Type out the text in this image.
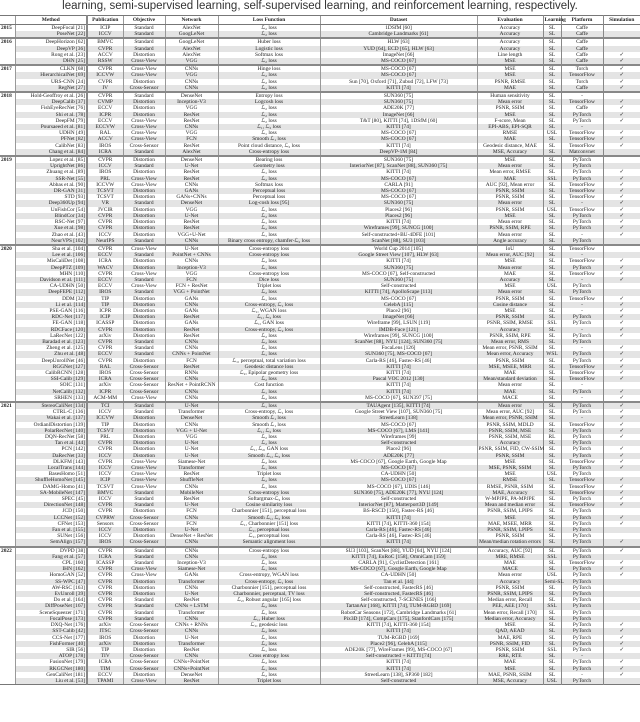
learning, semi-supervised learning, self-supervised learning, and reinforcement learning, respectively.
	Method	Publication	Objective	Network	Loss Function	Dataset	Evaluation	Learning	Platform	Simulation
2015	DeepFocal [21]	ICIP	Standard	AlexNet	ℒ₂ loss	1DSfM [60]	Accuracy	SL	Caffe	
	PoseNet [22]	ICCV	Standard	GoogLeNet	ℒ₂ loss	Cambridge Landmarks [61]	Accuracy	SL	Caffe	
2016	DeepHorizon [62]	BMVC	Standard	GoogLeNet	Huber loss	HLW [63]	Accuracy	SL	Caffe	
	DeepVP [36]	CVPR	Standard	AlexNet	Logistic loss	YUD [64], ECD [65], HLW [63]	Accuracy	SL	Caffe	
	Rong et al. [23]	ACCV	Distortion	AlexNet	Softmax loss	ImageNet [66]	Line length	SL	Caffe	✓
	DHN [25]	RSSW	Cross-View	VGG	ℒ₂ loss	MS-COCO [67]	MSE	SL	Caffe	✓
2017	CLKN [68]	CVPR	Cross-View	CNNs	Hinge loss	MS-COCO [67]	MSE	SL	Torch	✓
	HierarchicalNet [69]	ICCVW	Cross-View	VGG	ℒ₂ loss	MS-COCO [67]	MSE	SL	TensorFlow	✓
	URS-CNN [24]	CVPR	Distortion	CNNs	ℒ₂ loss	Sun [70], Oxford [71], Zubud [72], LFW [73]	PSNR, RMSE	SL	Torch	✓
	RegNet [27]	IV	Cross-Sensor	CNNs	ℒ₂ loss	KITTI [74]	MAE	SL	Caffe	✓
2018	Hold-Geoffroy et al. [26]	CVPR	Standard	DenseNet	Entropy loss	SUN360 [75]	Human sensitivity	SL	-	
	DeepCalib [37]	CVMP	Distortion	Inception-V3	Logcosh loss	SUN360 [75]	Mean error	SL	TensorFlow	✓
	FishEyeRecNet [76]	ECCV	Distortion	VGG	ℒ₂ loss	ADE20K [77]	PSNR, SSIM	SL	Caffe	✓
	Shi et al. [78]	ICPR	Distortion	ResNet	ℒ₂ loss	ImageNet [66]	MSE	SL	PyTorch	✓
	DeepFM [79]	ECCV	Cross-View	ResNet	ℒ₂ loss	T&T [80], KITTI [74], 1DSfM [60]	F-score, Mean	SL	PyTorch	✓
	Poursaeed et al. [81]	ECCVW	Cross-View	CNNs	ℒ₁, ℒ₂ loss	KITTI [74]	EPI-ABS, EPI-SQR	SL	-	
	UDHN [49]	RAL	Cross-View	VGG	ℒ₁ loss	MS-COCO [67]	RMSE	USL	TensorFlow	✓
	PFNet [82]	ACCV	Cross-View	FCN	Smooth ℒ₁ loss	MS-COCO [67]	MAE	SL	TensorFlow	✓
	CalibNet [83]	IROS	Cross-Sensor	ResNet	Point cloud distance, ℒ₂ loss	KITTI [74]	Geodesic distance, MAE	SL	TensorFlow	✓
	Chang et al. [84]	ICRA	Standard	AlexNet	Cross-entropy loss	DeepVP-1M [84]	MSE, Accuracy	SL	Matconvnet	
2019	Lopez et al. [85]	CVPR	Distortion	DenseNet	Bearing loss	SUN360 [75]	MSE	SL	PyTorch	
	UprightNet [86]	ICCV	Standard	U-Net	Geometry loss	InteriorNet [87], ScanNet [88], SUN360 [75]	Mean error	SL	PyTorch	
	Zhuang et al. [89]	IROS	Distortion	ResNet	ℒ₁ loss	KITTI [74]	Mean error, RMSE	SL	PyTorch	✓
	SSR-Net [55]	PRL	Cross-View	ResNet	ℒ₂ loss	MS-COCO [67]	MAE	SSL	PyTorch	✓
	Abbas et al. [90]	ICCVW	Cross-View	CNNs	Softmax loss	CARLA [91]	AUC [92], Mean error	SL	TensorFlow	✓
	DR-GAN [31]	TCSVT	Distortion	GANs	Perceptual loss	MS-COCO [67]	PSNR, SSIM	SL	TensorFlow	✓
	STD [93]	TCSVT	Distortion	GANs+CNNs	Perceptual loss	MS-COCO [67]	PSNR, SSIM	SL	TensorFlow	✓
	Deep360Up [94]	VR	Standard	DenseNet	Log-cosh loss [95]	SUN360 [75]	Mean error	SL	-	✓
	UnFishCor [54]	JVCIR	Distortion	VGG	ℒ₁ loss	Places2 [96]	PSNR, SSIM	USL	TensorFlow	✓
	BlindCor [34]	CVPR	Distortion	U-Net	ℒ₂ loss	Places2 [96]	MSE	SL	PyTorch	✓
	RSC-Net [97]	CVPR	Distortion	ResNet	ℒ₁ loss	KITTI [74]	Mean error	SL	PyTorch	✓
	Xue et al. [98]	CVPR	Distortion	ResNet	ℒ₂ loss	Wireframes [99], SUNCG [100]	PSNR, SSIM, RPE	SL	PyTorch	✓
	Zhao et al. [43]	ICCV	Distortion	VGG+U-Net	ℒ₁ loss	Self-constructed+BU-4DFE [101]	Mean error	SL	-	✓
	NeurVPS [102]	NeurIPS	Standard	CNNs	Binary cross entropy, chamfer-ℒ₂ loss	ScanNet [88], SU3 [103]	Angle accuracy	SL	PyTorch	
2020	Sha et al. [104]	CVPR	Cross-View	U-Net	Cross-entropy loss	World Cup 2014 [105]	IoU	SL	TensorFlow	
	Lee et al. [106]	ECCV	Standard	PointNet + CNNs	Cross-entropy loss	Google Street View [107], HLW [63]	Mean error, AUC [92]	SL	-	
	MisCaliDet [108]	ICRA	Distortion	CNNs	ℒ₂ loss	KITTI [74]	MSE	SL	TensorFlow	✓
	DeepPTZ [109]	WACV	Distortion	Inception-V3	ℒ₁ loss	SUN360 [75]	Mean error	SL	PyTorch	✓
	MHN [110]	CVPR	Cross-View	VGG	Cross-entropy loss	MS-COCO [67], Self-constructed	MAE	SL	TensorFlow	✓
	Davidson et al. [111]	ECCV	Standard	FCN	Dice loss	SUN360 [75]	Accuracy	SL	-	✓
	CA-UDHN [50]	ECCV	Cross-View	FCN + ResNet	Triplet loss	Self-constructed	MSE	USL	PyTorch	
	DeepFEPE [112]	IROS	Standard	VGG + PointNet	ℒ₂ loss	KITTI [74], ApolloScape [113]	Mean error	SL	PyTorch	
	DDM [32]	TIP	Distortion	GANs	ℒ₁ loss	MS-COCO [67]	PSNR, SSIM	SL	TensorFlow	✓
	Li et al. [114]	TIP	Distortion	CNNs	Cross-entropy, ℒ₁ loss	CelebA [115]	Cosine distance	SL	-	✓
	PSE-GAN [116]	ICPR	Distortion	GANs	ℒ₁, WGAN loss	Place2 [96]	MSE	SL	-	✓
	RDC-Net [117]	ICIP	Distortion	ResNet	ℒ₁, ℒ₂ loss	ImageNet [66]	PSNR, SSIM	SL	PyTorch	✓
	FE-GAN [118]	ICASSP	Distortion	GANs	ℒ₁, GAN loss	Wireframe [99], LSUN [119]	PSNR, SSIM, RMSE	SSL	PyTorch	✓
	RDCFace [120]	CVPR	Distortion	ResNet	Cross-entropy, ℒ₂ loss	IMDB-Face [121]	Accuracy	SL	-	✓
	LaRecNet [122]	arXiv	Distortion	ResNet	ℒ₂ loss	Wireframes [99], SUNCG [100]	PSNR, SSIM, RPE	SL	PyTorch	✓
	Baradad et al. [123]	CVPR	Standard	CNNs	ℒ₂ loss	ScanNet [88], NYU [124], SUN360 [75]	Mean error, RMS	SL	PyTorch	
	Zheng et al. [125]	CVPR	Standard	CNNs	ℒ₁ loss	FocaLens [126]	Mean error, PSNR, SSIM	SL	-	✓
	Zhu et al. [48]	ECCV	Standard	CNNs + PointNet	ℒ₁ loss	SUN360 [75], MS-COCO [67]	Mean error, Accuracy	WSL	PyTorch	✓
	DeepUnrollNet [46]	CVPR	Distortion	FCN	ℒ₁, perceptual, total variation loss	Carla-RS [46], Fastec-RS [46]	PSNR, SSIM	SL	PyTorch	✓
	RGGNet [127]	RAL	Cross-Sensor	ResNet	Geodesic distance loss	KITTI [74]	MSE, MSEE, MRR	SL	TensorFlow	✓
	CalibRCNN [128]	IROS	Cross-Sensor	RNNs	ℒ₂, Epipolar geometry loss	KITTI [74]	MAE	SL	TensorFlow	✓
	SSI-Calib [129]	ICRA	Cross-Sensor	CNNs	ℒ₂ loss	Pascal VOC 2012 [130]	Mean/standard deviation	SL	TensorFlow	✓
	SOIC [131]	arXiv	Cross-Sensor	ResNet + PointRCNN	Cost function	KITTI [74]	Mean error	SL	-	
	NetCalib [132]	ICPR	Cross-Sensor	CNNs	ℒ₁ loss	KITTI [74]	MAE	SL	PyTorch	✓
	SRHEN [133]	ACM-MM	Cross-View	CNNs	ℒ₂ loss	MS-COCO [67], SUN397 [75]	MACE	SL	-	✓
2021	StereoCaliNet [134]	TCI	Standard	U-Net	ℒ₁ loss	TAUAgent [135], KITTI [74]	Mean error	SL	PyTorch	✓
	CTRL-C [136]	ICCV	Standard	Transformer	Cross-entropy, ℒ₁ loss	Google Street View [107], SUN360 [75]	Mean error, AUC [92]	SL	PyTorch	✓
	Wakai et al. [137]	ICCVW	Distortion	DenseNet	Smooth ℒ₁ loss	StreetLearn [138]	Mean error, PSNR, SSIM	SL	-	✓
	OrdianlDistortion [139]	TIP	Distortion	CNNs	Smooth ℒ₁ loss	MS-COCO [67]	PSNR, SSIM, MDLD	SL	TensorFlow	✓
	PolarRecNet [140]	TCSVT	Distortion	VGG + U-Net	ℒ₁, ℒ₂ loss	MS-COCO [67], LMS [141]	PSNR, SSIM, MSE	SL	PyTorch	✓
	DQN-RecNet [58]	PRL	Distortion	VGG	ℒ₂ loss	Wireframes [99]	PSNR, SSIM, MSE	RL	PyTorch	✓
	Tan et al. [44]	CVPR	Distortion	U-Net	ℒ₂ loss	Self-constructed	Accuracy	SL	PyTorch	
	PCN [142]	CVPR	Distortion	U-Net	ℒ₁, ℒ₂, GAN loss	Place2 [96]	PSNR, SSIM, FID, CW-SSIM	SL	PyTorch	✓
	DaRecNet [33]	ICCV	Distortion	U-Net	Smooth ℒ₁, ℒ₂ loss	ADE20K [77]	PSNR, SSIM	SL	PyTorch	✓
	DLKFM [143]	CVPR	Cross-View	Siamese-Net	ℒ₂ loss	MS-COCO [67], Google Earth, Google Map	MSE	SL	TensorFlow	✓
	LocalTrans [144]	ICCV	Cross-View	Transformer	ℒ₁ loss	MS-COCO [67]	MSE, PSNR, SSIM	SL	PyTorch	✓
	BasesHomo [51]	ICCV	Cross-View	ResNet	Triplet loss	CA-UDHN [50]	MSE	USL	PyTorch	
	ShuffleHomoNet [145]	ICIP	Cross-View	ShuffleNet	ℒ₂ loss	MS-COCO [67]	RMSE	SL	TensorFlow	✓
	DAMG-Homo [41]	TCSVT	Cross-View	CNNs	ℒ₁ loss	MS-COCO [67], UDIS [146]	RMSE, PSNR, SSIM	SL	TensorFlow	✓
	SA-MobileNet [147]	BMVC	Standard	MobileNet	Cross-entropy loss	SUN360 [75], ADE20K [77], NYU [124]	MAE, Accuracy	SL	TensorFlow	✓
	SPEC [45]	ICCV	Standard	ResNet	Softargmax-ℒ₂ loss	Self-constructed	W-MPJPE, PA-MPJPE	SL	PyTorch	✓
	DirectionNet [148]	CVPR	Standard	U-Net	Cosine similarity loss	InteriorNet [87], Matterport3D [149]	Mean and median error	SL	TensorFlow	✓
	JCD [150]	CVPR	Distortion	FCN	Charbonnier [151], perceptual loss	BS-RSCD [150], Fastec-RS [46]	PSNR, SSIM, LPIPS	SL	PyTorch	
	LCCNet [152]	CVPRW	Cross-Sensor	CNNs	Smooth ℒ₁, ℒ₂ loss	KITTI [74]	MSE	SL	PyTorch	✓
	CFNet [153]	Sensors	Cross-Sensor	FCN	ℒ₁, Charbonnier [151] loss	KITTI [74], KITTI-360 [154]	MAE, MSEE, MRR	SL	PyTorch	✓
	Fan et al. [155]	ICCV	Distortion	U-Net	ℒ₁, perceptual loss	Carla-RS [46], Fastec-RS [46]	PSNR, SSIM, LPIPS	SL	PyTorch	
	SUNet [156]	ICCV	Distortion	DenseNet + ResNet	ℒ₁, perceptual loss	Carla-RS [46], Fastec-RS [46]	PSNR, SSIM	SL	PyTorch	
	SemAlign [157]	IROS	Cross-Sensor	CNNs	Semantic alignment loss	KITTI [74]	Mean/median rotation errors	SL	PyTorch	✓
2022	DVPD [38]	CVPR	Standard	CNNs	Cross-entropy loss	SU3 [103], ScanNet [88], YUD [64], NYU [124]	Accuracy, AUC [92]	SL	PyTorch	✓
	Fang et al. [57]	ICRA	Standard	CNNs	ℒ₂ loss	KITTI [74], EuRoC [158], OmniCam [159]	MRE, RMSE	SSL	PyTorch	
	CPL [160]	ICASSP	Standard	Inception-V3	ℒ₁ loss	CARLA [91], CyclistDetection [161]	MAE	SL	TensorFlow	✓
	IHN [162]	CVPR	Cross-View	Siamese-Net	ℒ₁ loss	MS-COCO [67], Google Earth, Google Map	MACE	SL	PyTorch	✓
	HomoGAN [52]	CVPR	Cross-View	GANs	Cross-entropy, WGAN loss	CA-UDHN [50]	Mean error	USL	PyTorch	✓
	SS-WPC [47]	CVPR	Distortion	Transformer	Cross-entropy, ℒ₁ loss	Tan et al. [44]	Accuracy	Semi-SL	PyTorch	
	AW-RSC [163]	CVPR	Distortion	CNNs	Charbonnier [151], perceptual loss	Self-constructed, FastecRS [46]	PSNR, SSIM	SL	PyTorch	
	EvUnroll [39]	CVPR	Distortion	U-Net	Charbonnier, perceptual, TV loss	Self-constructed, FastecRS [46]	PSNR, SSIM, LPIPS	SL	PyTorch	
	Do et al. [164]	CVPR	Standard	ResNet	ℒ₂, Robust angular [165] loss	Self-constructed, 7-SCENES [166]	Median error, Recall	SL	PyTorch	
	DiffPoseNet [167]	CVPR	Standard	CNNs + LSTM	ℒ₂ loss	TartanAir [168], KITTI [74], TUM-RGBD [169]	PEE, AEE [170]	SSL	PyTorch	
	SceneSqueezer [171]	CVPR	Standard	Transformer	ℒ₁ loss	RobotCar Seasons [172], Cambridge Landmarks [61]	Mean error, Recall [170]	SL	PyTorch	
	FocalPose [173]	CVPR	Standard	CNNs	ℒ₁, Huber loss	Pix3D [174], CompCars [175], StanfordCars [175]	Median error, Accuracy	SL	PyTorch	
	DXQ-Net [176]	arXiv	Cross-Sensor	CNNs + RNNs	ℒ₁, geodesic loss	KITTI [74], KITTI-360 [154]	MSE	SL	PyTorch	✓
	SST-Calib [42]	ITSC	Cross-Sensor	CNNs	ℒ₂ loss	KITTI [74]	QAD, AEAD	SL	PyTorch	✓
	CCS-Net [177]	IROS	Distortion	U-Net	ℒ₁ loss	TUM-RGBD [169]	MAE, RPE	SL	PyTorch	✓
	FishFormer [40]	arXiv	Distortion	Transformer	ℒ₂ loss	Place2 [96], CelebA [115]	PSNR, SSIM, FID	SL	PyTorch	✓
	SIR [56]	TIP	Distortion	ResNet	ℒ₁ loss	ADE20K [77], WireFrames [99], MS-COCO [67]	PSNR, SSIM	SSL	PyTorch	✓
	ATOP [178]	TIV	Cross-Sensor	CNNs	Cross entropy loss	Self-constructed + KITTI [74]	RRE, RTE	SL	-	
	FusionNet [179]	ICRA	Cross-Sensor	CNNs+PointNet	ℒ₂ loss	KITTI [74]	MAE	SL	PyTorch	✓
	RKGCNet [180]	TIM	Cross-Sensor	CNNs+PointNet	ℒ₁ loss	KITTI [74]	MSE	SL	PyTorch	✓
	GenCaliNet [181]	ECCV	Distortion	DenseNet	ℒ₂ loss	StreetLearn [138], SP360 [182]	MAE, PSNR, SSIM	SL	-	✓
	Liu et al. [53]	TPAMI	Cross-View	ResNet	Triplet loss	Self-constructed	MSE, Accuracy	USL	PyTorch	
